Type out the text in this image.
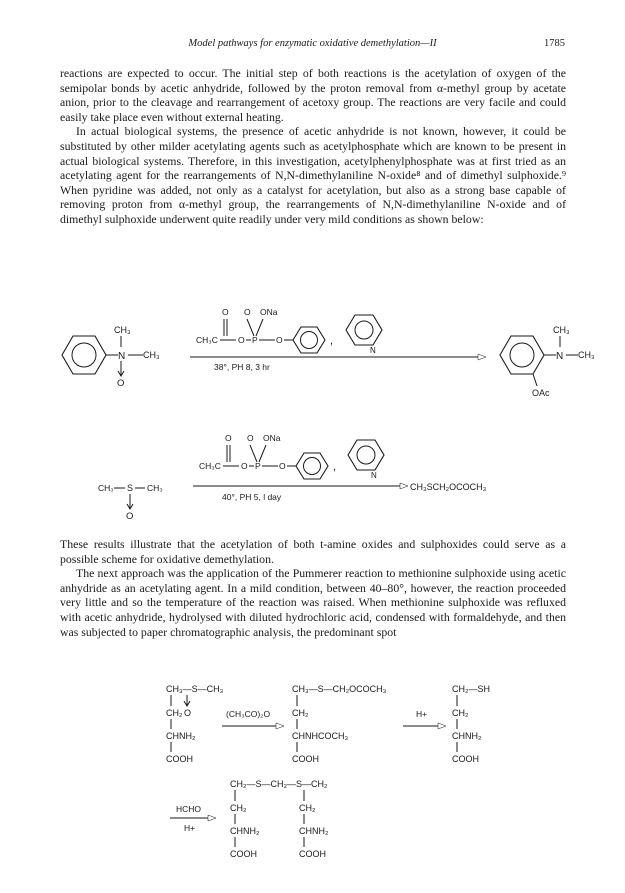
Model pathways for enzymatic oxidative demethylation—II	1785

reactions are expected to occur. The initial step of both reactions is the acetylation of oxygen of the semipolar bonds by acetic anhydride, followed by the proton removal from α-methyl group by acetate anion, prior to the cleavage and rearrangement of acetoxy group. The reactions are very facile and could easily take place even without external heating.

In actual biological systems, the presence of acetic anhydride is not known, however, it could be substituted by other milder acetylating agents such as acetylphosphate which are known to be present in actual biological systems. Therefore, in this investigation, acetylphenylphosphate was at first tried as an acetylating agent for the rearrangements of N,N-dimethylaniline N-oxide⁸ and of dimethyl sulphoxide.⁹ When pyridine was added, not only as a catalyst for acetylation, but also as a strong base capable of removing proton from α-methyl group, the rearrangements of N,N-dimethylaniline N-oxide and of dimethyl sulphoxide underwent quite readily under very mild conditions as shown below:

N CH₃
CH₃
O
O O ONa
CH₃C O P O	,
N
38°, PH 8, 3 hr
N CH₃
CH₃
OAc
O O ONa
CH₃C O P O	,
N
CH₃ S CH₃
O
40°, PH 5, l day
CH₃SCH₂OCOCH₃

These results illustrate that the acetylation of both t-amine oxides and sulphoxides could serve as a possible scheme for oxidative demethylation.

The next approach was the application of the Pummerer reaction to methionine sulphoxide using acetic anhydride as an acetylating agent. In a mild condition, between 40–80°, however, the reaction proceeded very little and so the temperature of the reaction was raised. When methionine sulphoxide was refluxed with acetic anhydride, hydrolysed with diluted hydrochloric acid, condensed with formaldehyde, and then was subjected to paper chromatographic analysis, the predominant spot

CH₃—S—CH₃
CH₂ O
CHNH₂
COOH
(CH₃CO)₂O
CH₃—S—CH₂OCOCH₃
CH₂
CHNHCOCH₃
COOH
H+
CH₂—SH
CH₂
CHNH₂
COOH
HCHO
H+
CH₂—S—CH₂—S—CH₂
CH₂	CH₂
CHNH₂	CHNH₂
COOH	COOH
